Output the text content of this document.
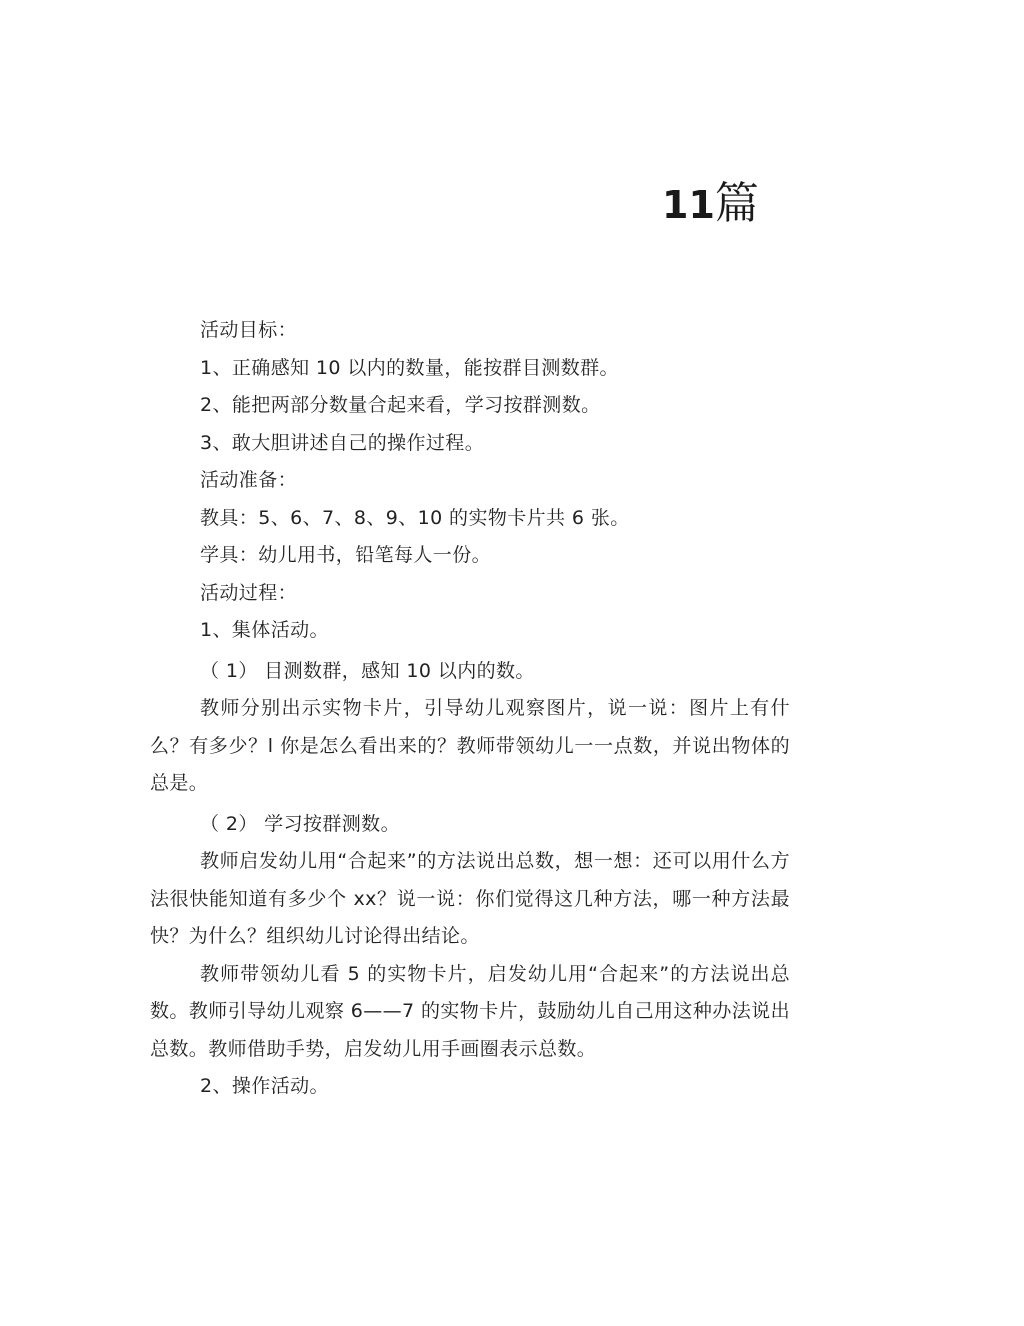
11篇

活动目标：

1、正确感知 10 以内的数量，能按群目测数群。

2、能把两部分数量合起来看，学习按群测数。

3、敢大胆讲述自己的操作过程。

活动准备：

教具：5、6、7、8、9、10 的实物卡片共 6 张。

学具：幼儿用书，铅笔每人一份。

活动过程：

1、集体活动。

（ 1） 目测数群，感知 10 以内的数。

教师分别出示实物卡片，引导幼儿观察图片，说一说：图片上有什么？有多少？l 你是怎么看出来的？教师带领幼儿一一点数，并说出物体的总是。

（ 2） 学习按群测数。

教师启发幼儿用“合起来”的方法说出总数，想一想：还可以用什么方法很快能知道有多少个 xx？说一说：你们觉得这几种方法，哪一种方法最快？为什么？组织幼儿讨论得出结论。

教师带领幼儿看 5 的实物卡片，启发幼儿用“合起来”的方法说出总数。教师引导幼儿观察 6——7 的实物卡片，鼓励幼儿自己用这种办法说出总数。教师借助手势，启发幼儿用手画圈表示总数。

2、操作活动。
